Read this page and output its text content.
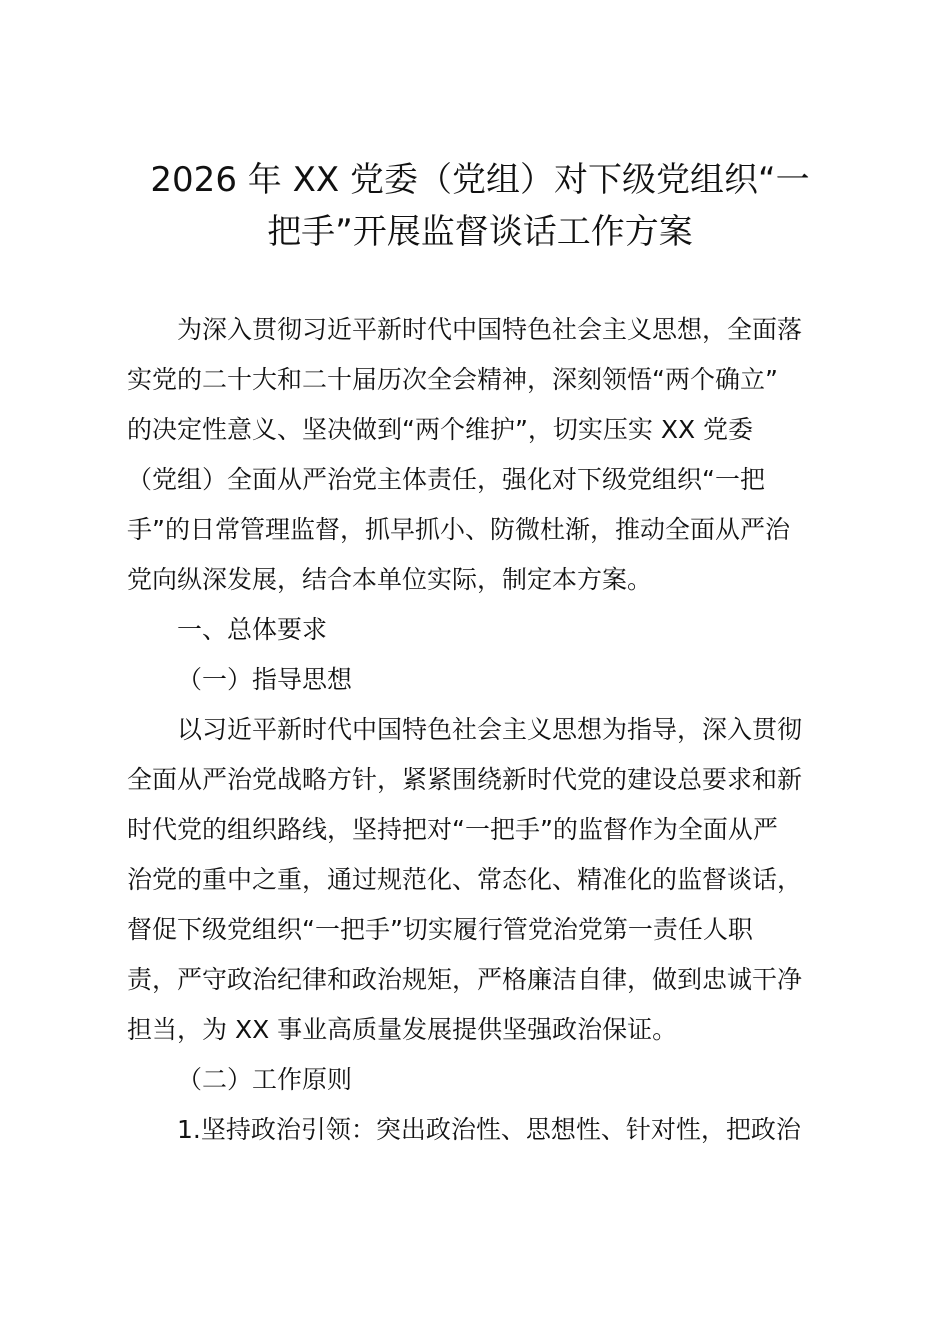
2026 年 XX 党委（党组）对下级党组织“一
把手”开展监督谈话工作方案

为深入贯彻习近平新时代中国特色社会主义思想，全面落

实党的二十大和二十届历次全会精神，深刻领悟“两个确立”

的决定性意义、坚决做到“两个维护”，切实压实 XX 党委

（党组）全面从严治党主体责任，强化对下级党组织“一把

手”的日常管理监督，抓早抓小、防微杜渐，推动全面从严治

党向纵深发展，结合本单位实际，制定本方案。

一、总体要求

（一）指导思想

以习近平新时代中国特色社会主义思想为指导，深入贯彻

全面从严治党战略方针，紧紧围绕新时代党的建设总要求和新

时代党的组织路线，坚持把对“一把手”的监督作为全面从严

治党的重中之重，通过规范化、常态化、精准化的监督谈话，

督促下级党组织“一把手”切实履行管党治党第一责任人职

责，严守政治纪律和政治规矩，严格廉洁自律，做到忠诚干净

担当，为 XX 事业高质量发展提供坚强政治保证。

（二）工作原则

1.坚持政治引领：突出政治性、思想性、针对性，把政治
